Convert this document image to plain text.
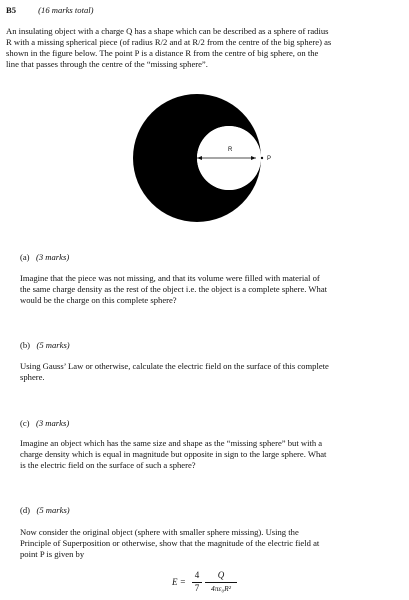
B5	(16 marks total)
An insulating object with a charge Q has a shape which can be described as a sphere of radius
R with a missing spherical piece (of radius R/2 and at R/2 from the centre of the big sphere) as
shown in the figure below. The point P is a distance R from the centre of big sphere, on the
line that passes through the centre of the “missing sphere”.
R
P
(a) (3 marks)
Imagine that the piece was not missing, and that its volume were filled with material of
the same charge density as the rest of the object i.e. the object is a complete sphere. What
would be the charge on this complete sphere?
(b) (5 marks)
Using Gauss’ Law or otherwise, calculate the electric field on the surface of this complete
sphere.
(c) (3 marks)
Imagine an object which has the same size and shape as the “missing sphere” but with a
charge density which is equal in magnitude but opposite in sign to the large sphere. What
is the electric field on the surface of such a sphere?
(d) (5 marks)
Now consider the original object (sphere with smaller sphere missing). Using the
Principle of Superposition or otherwise, show that the magnitude of the electric field at
point P is given by
E =
4
7
Q
4πε₀R²
